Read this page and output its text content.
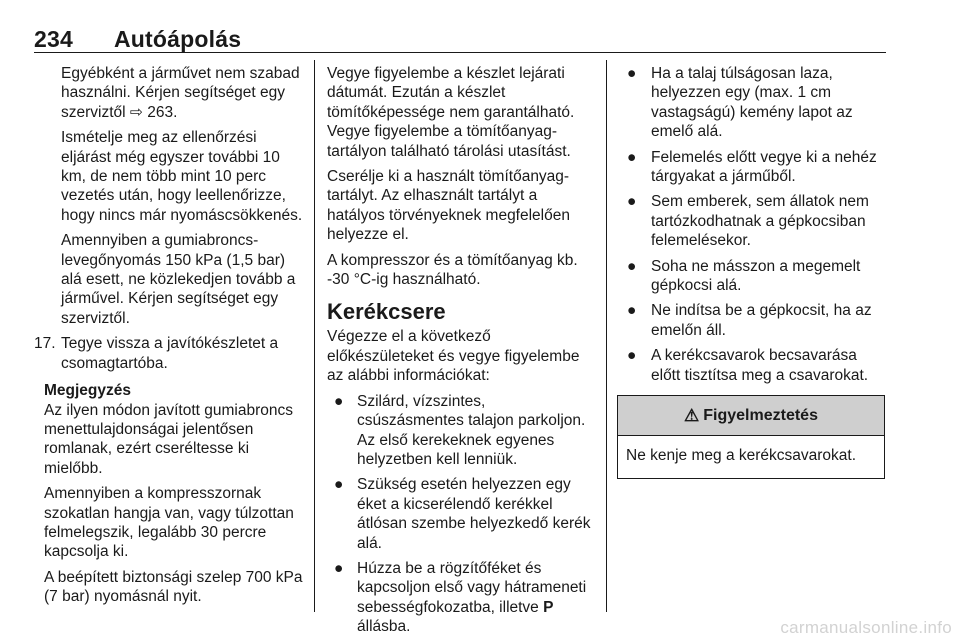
234 Autóápolás

Egyébként a járművet nem szabad használni. Kérjen segítséget egy szerviztől ⇨ 263.

Ismételje meg az ellenőrzési eljárást még egyszer további 10 km, de nem több mint 10 perc vezetés után, hogy leellenőrizze, hogy nincs már nyomáscsökkenés.

Amennyiben a gumiabroncs-levegőnyomás 150 kPa (1,5 bar) alá esett, ne közlekedjen tovább a járművel. Kérjen segítséget egy szerviztől.

17. Tegye vissza a javítókészletet a csomagtartóba.
Megjegyzés

Az ilyen módon javított gumiabroncs menettulajdonságai jelentősen romlanak, ezért cseréltesse ki mielőbb.

Amennyiben a kompresszornak szokatlan hangja van, vagy túlzottan felmelegszik, legalább 30 percre kapcsolja ki.

A beépített biztonsági szelep 700 kPa (7 bar) nyomásnál nyit.

Vegye figyelembe a készlet lejárati dátumát. Ezután a készlet tömítőképessége nem garantálható. Vegye figyelembe a tömítőanyag-tartályon található tárolási utasítást.

Cserélje ki a használt tömítőanyag-tartályt. Az elhasznált tartályt a hatályos törvényeknek megfelelően helyezze el.

A kompresszor és a tömítőanyag kb. -30 °C-ig használható.

Kerékcsere

Végezze el a következő előkészületeket és vegye figyelembe az alábbi információkat:

● Szilárd, vízszintes, csúszásmentes talajon parkoljon. Az első kerekeknek egyenes helyzetben kell lenniük.
● Szükség esetén helyezzen egy éket a kicserélendő kerékkel átlósan szembe helyezkedő kerék alá.
● Húzza be a rögzítőféket és kapcsoljon első vagy hátrameneti sebességfokozatba, illetve P állásba.
● Ha a talaj túlságosan laza, helyezzen egy (max. 1 cm vastagságú) kemény lapot az emelő alá.
● Felemelés előtt vegye ki a nehéz tárgyakat a járműből.
● Sem emberek, sem állatok nem tartózkodhatnak a gépkocsiban felemelésekor.
● Soha ne másszon a megemelt gépkocsi alá.
● Ne indítsa be a gépkocsit, ha az emelőn áll.
● A kerékcsavarok becsavarása előtt tisztítsa meg a csavarokat.
⚠ Figyelmeztetés
Ne kenje meg a kerékcsavarokat.
carmanualsonline.info
